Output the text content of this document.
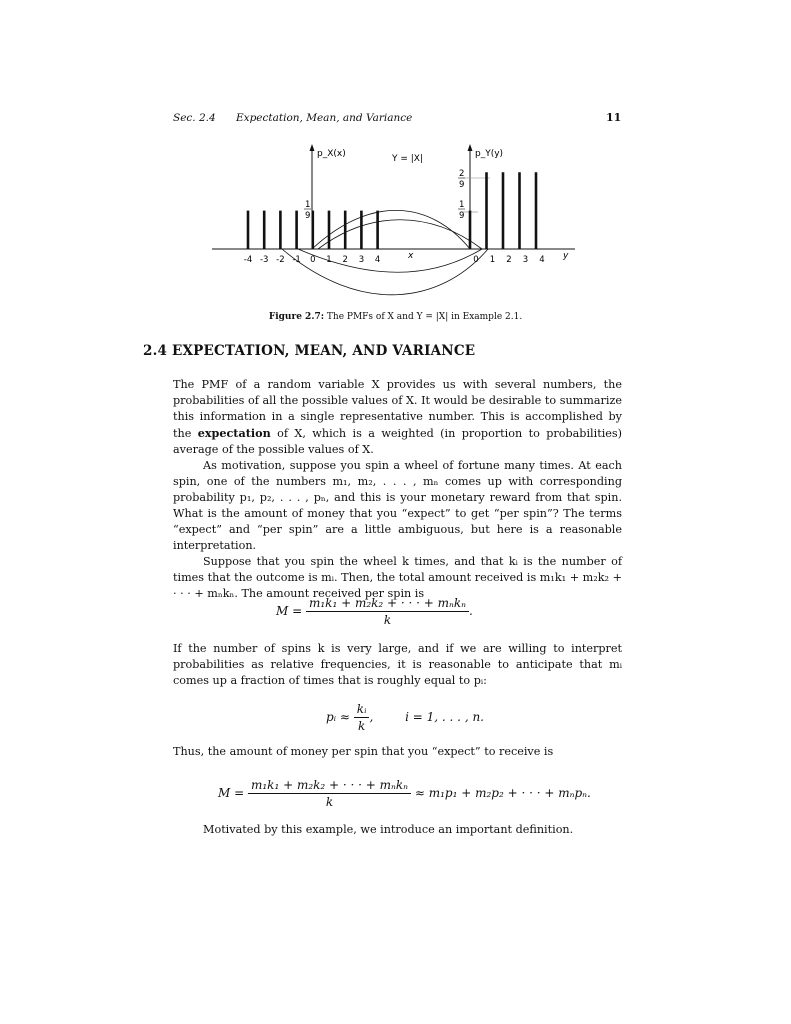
Sec. 2.4 Expectation, Mean, and Variance	11
-4 -3 -2 -1 0 1 2 3 4	0 1 2 3 4
x	y
p_X(x)	p_Y(y)
Y = |X|
1
9
1
9
2
9
Figure 2.7: The PMFs of X and Y = |X| in Example 2.1.
2.4 EXPECTATION, MEAN, AND VARIANCE

The PMF of a random variable X provides us with several numbers, the probabilities of all the possible values of X. It would be desirable to summarize this information in a single representative number. This is accomplished by the expectation of X, which is a weighted (in proportion to probabilities) average of the possible values of X.

As motivation, suppose you spin a wheel of fortune many times. At each spin, one of the numbers m₁, m₂, . . . , mₙ comes up with corresponding probability p₁, p₂, . . . , pₙ, and this is your monetary reward from that spin. What is the amount of money that you “expect” to get “per spin”? The terms “expect” and “per spin” are a little ambiguous, but here is a reasonable interpretation.

Suppose that you spin the wheel k times, and that kᵢ is the number of times that the outcome is mᵢ. Then, the total amount received is m₁k₁ + m₂k₂ + · · · + mₙkₙ. The amount received per spin is

$M = \frac{\text{m₁k₁ + m₂k₂ + · · · + mₙkₙ}}{k}$ .
If the number of spins k is very large, and if we are willing to interpret probabilities as relative frequencies, it is reasonable to anticipate that mᵢ comes up a fraction of times that is roughly equal to pᵢ:
pᵢ ≈ $\frac{\text{kᵢ}}{k}$ ,	i = 1, . . . , n.
Thus, the amount of money per spin that you “expect” to receive is
$M = \frac{\text{m₁k₁ + m₂k₂ + · · · + mₙkₙ}}{k} \approx m_1p_1 + m_2p_2$ + · · · + mₙpₙ.

Motivated by this example, we introduce an important definition.
